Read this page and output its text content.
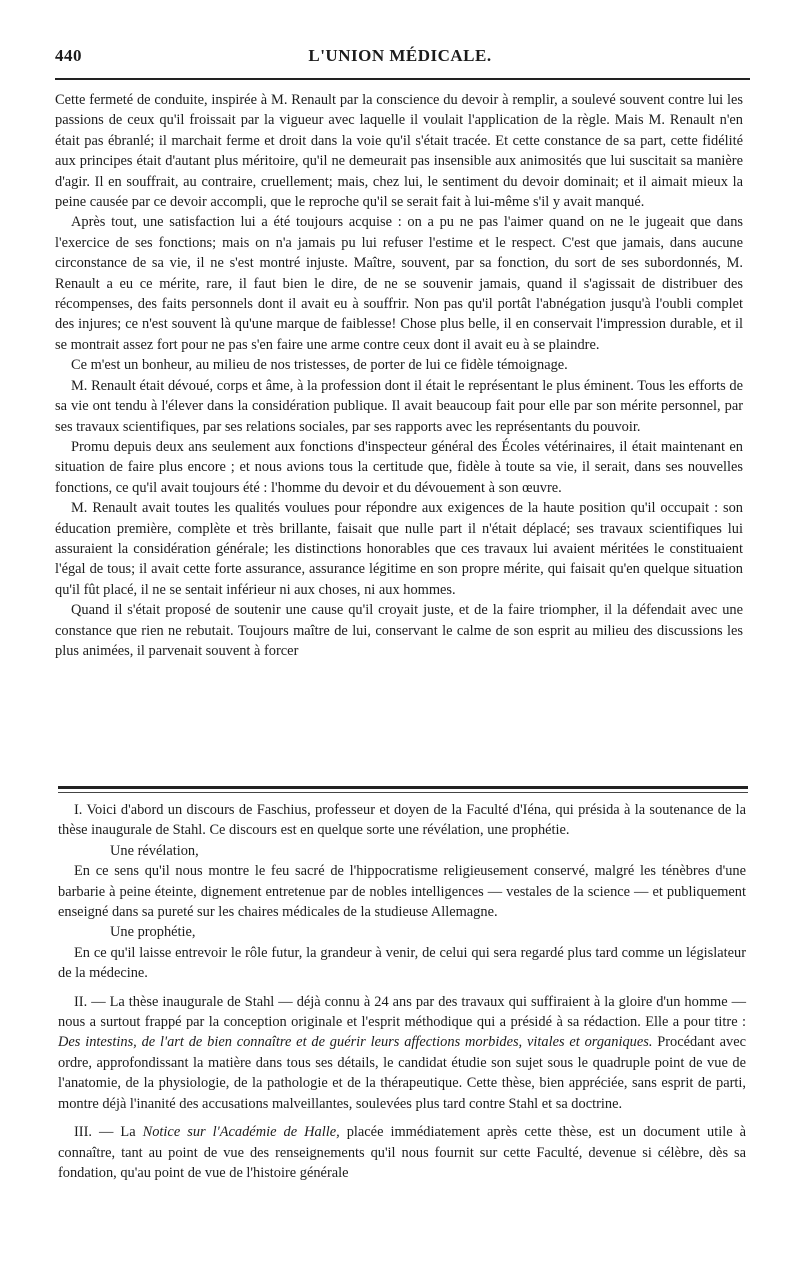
440	L'UNION MÉDICALE.

Cette fermeté de conduite, inspirée à M. Renault par la conscience du devoir à remplir, a soulevé souvent contre lui les passions de ceux qu'il froissait par la vigueur avec laquelle il voulait l'application de la règle. Mais M. Renault n'en était pas ébranlé; il marchait ferme et droit dans la voie qu'il s'était tracée. Et cette constance de sa part, cette fidélité aux principes était d'autant plus méritoire, qu'il ne demeurait pas insensible aux animosités que lui suscitait sa manière d'agir. Il en souffrait, au contraire, cruellement; mais, chez lui, le sentiment du devoir dominait; et il aimait mieux la peine causée par ce devoir accompli, que le reproche qu'il se serait fait à lui-même s'il y avait manqué.

Après tout, une satisfaction lui a été toujours acquise : on a pu ne pas l'aimer quand on ne le jugeait que dans l'exercice de ses fonctions; mais on n'a jamais pu lui refuser l'estime et le respect. C'est que jamais, dans aucune circonstance de sa vie, il ne s'est montré injuste. Maître, souvent, par sa fonction, du sort de ses subordonnés, M. Renault a eu ce mérite, rare, il faut bien le dire, de ne se souvenir jamais, quand il s'agissait de distribuer des récompenses, des faits personnels dont il avait eu à souffrir. Non pas qu'il portât l'abnégation jusqu'à l'oubli complet des injures; ce n'est souvent là qu'une marque de faiblesse! Chose plus belle, il en conservait l'impression durable, et il se montrait assez fort pour ne pas s'en faire une arme contre ceux dont il avait eu à se plaindre.

Ce m'est un bonheur, au milieu de nos tristesses, de porter de lui ce fidèle témoignage.

M. Renault était dévoué, corps et âme, à la profession dont il était le représentant le plus éminent. Tous les efforts de sa vie ont tendu à l'élever dans la considération publique. Il avait beaucoup fait pour elle par son mérite personnel, par ses travaux scientifiques, par ses relations sociales, par ses rapports avec les représentants du pouvoir.

Promu depuis deux ans seulement aux fonctions d'inspecteur général des Écoles vétérinaires, il était maintenant en situation de faire plus encore ; et nous avions tous la certitude que, fidèle à toute sa vie, il serait, dans ses nouvelles fonctions, ce qu'il avait toujours été : l'homme du devoir et du dévouement à son œuvre.

M. Renault avait toutes les qualités voulues pour répondre aux exigences de la haute position qu'il occupait : son éducation première, complète et très brillante, faisait que nulle part il n'était déplacé; ses travaux scientifiques lui assuraient la considération générale; les distinctions honorables que ces travaux lui avaient méritées le constituaient l'égal de tous; il avait cette forte assurance, assurance légitime en son propre mérite, qui faisait qu'en quelque situation qu'il fût placé, il ne se sentait inférieur ni aux choses, ni aux hommes.

Quand il s'était proposé de soutenir une cause qu'il croyait juste, et de la faire triompher, il la défendait avec une constance que rien ne rebutait. Toujours maître de lui, conservant le calme de son esprit au milieu des discussions les plus animées, il parvenait souvent à forcer

I. Voici d'abord un discours de Faschius, professeur et doyen de la Faculté d'Iéna, qui présida à la soutenance de la thèse inaugurale de Stahl. Ce discours est en quelque sorte une révélation, une prophétie.

Une révélation,

En ce sens qu'il nous montre le feu sacré de l'hippocratisme religieusement conservé, malgré les ténèbres d'une barbarie à peine éteinte, dignement entretenue par de nobles intelligences — vestales de la science — et publiquement enseigné dans sa pureté sur les chaires médicales de la studieuse Allemagne.

Une prophétie,

En ce qu'il laisse entrevoir le rôle futur, la grandeur à venir, de celui qui sera regardé plus tard comme un législateur de la médecine.

II. — La thèse inaugurale de Stahl — déjà connu à 24 ans par des travaux qui suffiraient à la gloire d'un homme — nous a surtout frappé par la conception originale et l'esprit méthodique qui a présidé à sa rédaction. Elle a pour titre : Des intestins, de l'art de bien connaître et de guérir leurs affections morbides, vitales et organiques. Procédant avec ordre, approfondissant la matière dans tous ses détails, le candidat étudie son sujet sous le quadruple point de vue de l'anatomie, de la physiologie, de la pathologie et de la thérapeutique. Cette thèse, bien appréciée, sans esprit de parti, montre déjà l'inanité des accusations malveillantes, soulevées plus tard contre Stahl et sa doctrine.

III. — La Notice sur l'Académie de Halle, placée immédiatement après cette thèse, est un document utile à connaître, tant au point de vue des renseignements qu'il nous fournit sur cette Faculté, devenue si célèbre, dès sa fondation, qu'au point de vue de l'histoire générale
